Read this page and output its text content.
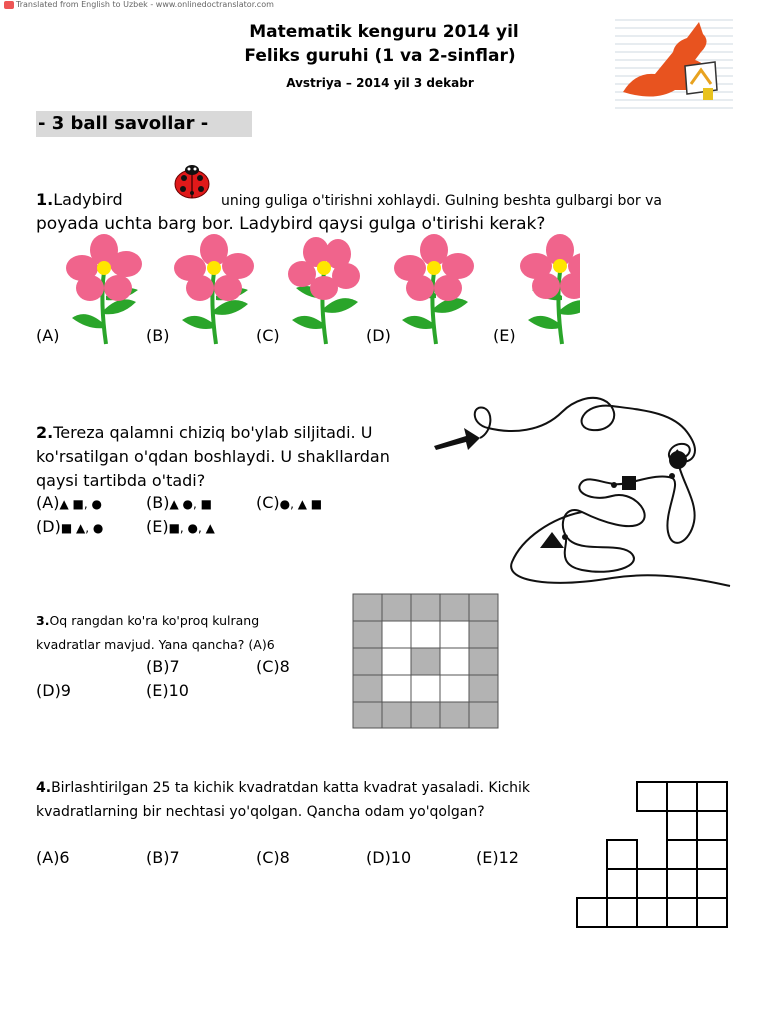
Translated from English to Uzbek - www.onlinedoctranslator.com
Matematik kenguru 2014 yil
Feliks guruhi (1 va 2-sinflar)
Avstriya – 2014 yil 3 dekabr
- 3 ball savollar -
1.Ladybird	uning guliga o'tirishni xohlaydi. Gulning beshta gulbargi bor va
poyada uchta barg bor. Ladybird qaysi gulga o'tirishi kerak?
(A)	(B)	(C)	(D)	(E)
2.Tereza qalamni chiziq bo'ylab siljitadi. U
ko'rsatilgan o'qdan boshlaydi. U shakllardan
qaysi tartibda o'tadi?
(A)▲ ■, ●	(B)▲ ●, ■	(C)●, ▲ ■
(D)■ ▲, ●	(E)■, ●, ▲
3.Oq rangdan ko'ra ko'proq kulrang
kvadratlar mavjud. Yana qancha? (A)6
(B)7	(C)8
(D)9	(E)10
4.Birlashtirilgan 25 ta kichik kvadratdan katta kvadrat yasaladi. Kichik
kvadratlarning bir nechtasi yo'qolgan. Qancha odam yo'qolgan?
(A)6	(B)7	(C)8	(D)10	(E)12
